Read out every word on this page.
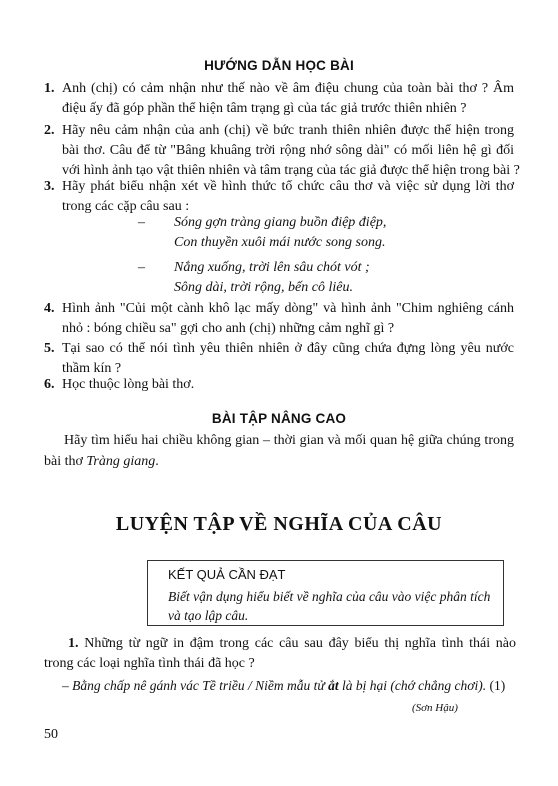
HƯỚNG DẪN HỌC BÀI
1. Anh (chị) có cảm nhận như thế nào về âm điệu chung của toàn bài thơ ? Âm
điệu ấy đã góp phần thể hiện tâm trạng gì của tác giả trước thiên nhiên ?
2. Hãy nêu cảm nhận của anh (chị) về bức tranh thiên nhiên được thể hiện trong
bài thơ. Câu để từ "Bâng khuâng trời rộng nhớ sông dài" có mối liên hệ gì đối
với hình ảnh tạo vật thiên nhiên và tâm trạng của tác giả được thể hiện trong bài ?
3. Hãy phát biểu nhận xét về hình thức tổ chức câu thơ và việc sử dụng lời thơ
trong các cặp câu sau :
–	Sóng gợn tràng giang buồn điệp điệp,
Con thuyền xuôi mái nước song song.
–	Nắng xuống, trời lên sâu chót vót ;
Sông dài, trời rộng, bến cô liêu.
4. Hình ảnh "Củi một cành khô lạc mấy dòng" và hình ảnh "Chim nghiêng cánh
nhỏ : bóng chiều sa" gợi cho anh (chị) những cảm nghĩ gì ?
5. Tại sao có thể nói tình yêu thiên nhiên ở đây cũng chứa đựng lòng yêu nước
thầm kín ?
6. Học thuộc lòng bài thơ.
BÀI TẬP NÂNG CAO
Hãy tìm hiểu hai chiều không gian – thời gian và mối quan hệ giữa chúng trong
bài thơ Tràng giang.
LUYỆN TẬP VỀ NGHĨA CỦA CÂU
KẾT QUẢ CẦN ĐẠT
Biết vận dụng hiểu biết về nghĩa của câu vào việc phân tích
và tạo lập câu.
1. Những từ ngữ in đậm trong các câu sau đây biểu thị nghĩa tình thái nào
trong các loại nghĩa tình thái đã học ?
– Bằng chấp nê gánh vác Tề triều / Niềm mẫu tử ắt là bị hại (chớ chẳng chơi). (1)
(Sơn Hậu)
50
